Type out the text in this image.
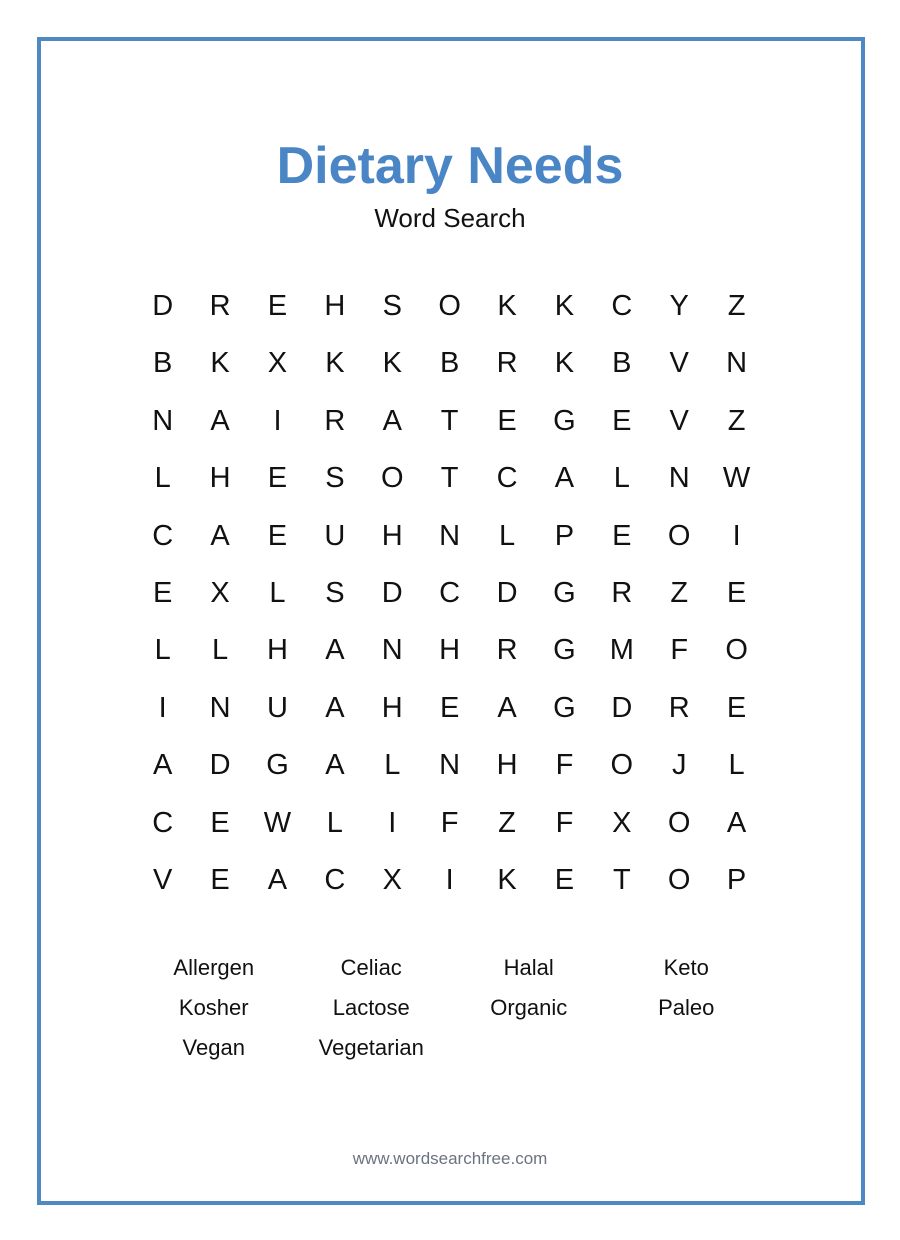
Dietary Needs
Word Search
D	R	E	H	S	O	K	K	C	Y	Z
B	K	X	K	K	B	R	K	B	V	N
N	A	I	R	A	T	E	G	E	V	Z
L	H	E	S	O	T	C	A	L	N	W
C	A	E	U	H	N	L	P	E	O	I
E	X	L	S	D	C	D	G	R	Z	E
L	L	H	A	N	H	R	G	M	F	O
I	N	U	A	H	E	A	G	D	R	E
A	D	G	A	L	N	H	F	O	J	L
C	E	W	L	I	F	Z	F	X	O	A
V	E	A	C	X	I	K	E	T	O	P
Allergen	Celiac	Halal	Keto
Kosher	Lactose	Organic	Paleo
Vegan	Vegetarian
www.wordsearchfree.com
